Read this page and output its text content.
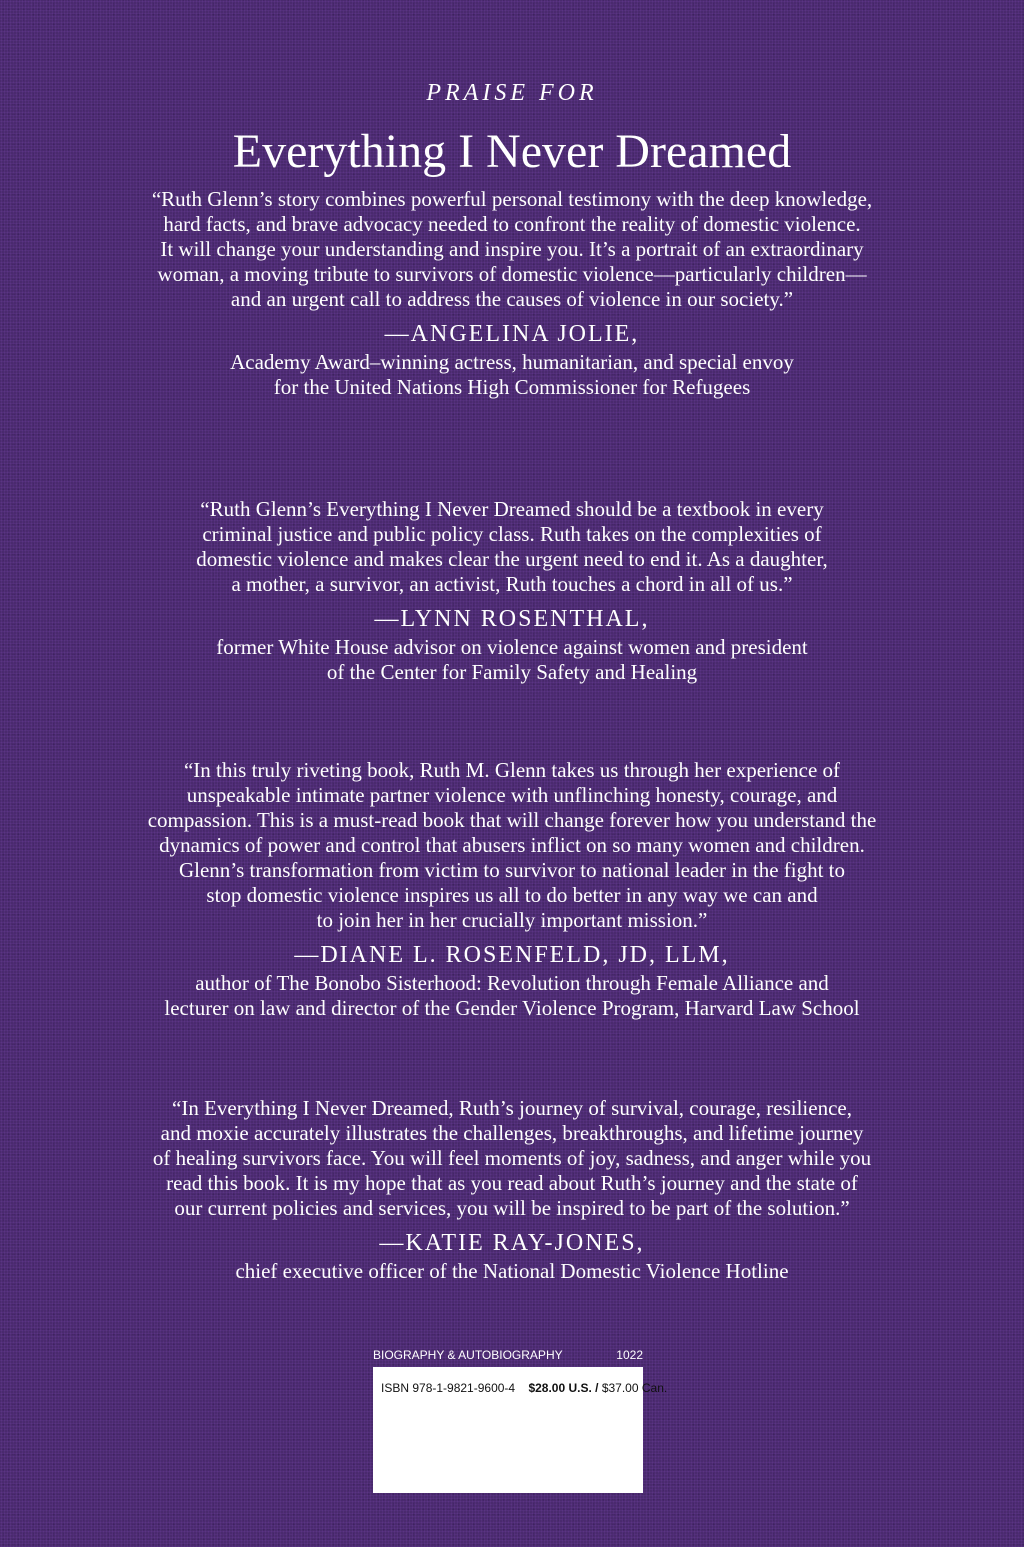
PRAISE FOR
Everything I Never Dreamed

“Ruth Glenn’s story combines powerful personal testimony with the deep knowledge,
hard facts, and brave advocacy needed to confront the reality of domestic violence.
It will change your understanding and inspire you. It’s a portrait of an extraordinary
woman, a moving tribute to survivors of domestic violence—particularly children—
and an urgent call to address the causes of violence in our society.”

—ANGELINA JOLIE,
Academy Award–winning actress, humanitarian, and special envoy
for the United Nations High Commissioner for Refugees

“Ruth Glenn’s Everything I Never Dreamed should be a textbook in every
criminal justice and public policy class. Ruth takes on the complexities of
domestic violence and makes clear the urgent need to end it. As a daughter,
a mother, a survivor, an activist, Ruth touches a chord in all of us.”

—LYNN ROSENTHAL,
former White House advisor on violence against women and president
of the Center for Family Safety and Healing

“In this truly riveting book, Ruth M. Glenn takes us through her experience of
unspeakable intimate partner violence with unflinching honesty, courage, and
compassion. This is a must-read book that will change forever how you understand the
dynamics of power and control that abusers inflict on so many women and children.
Glenn’s transformation from victim to survivor to national leader in the fight to
stop domestic violence inspires us all to do better in any way we can and
to join her in her crucially important mission.”

—DIANE L. ROSENFELD, JD, LLM,
author of The Bonobo Sisterhood: Revolution through Female Alliance and
lecturer on law and director of the Gender Violence Program, Harvard Law School

“In Everything I Never Dreamed, Ruth’s journey of survival, courage, resilience,
and moxie accurately illustrates the challenges, breakthroughs, and lifetime journey
of healing survivors face. You will feel moments of joy, sadness, and anger while you
read this book. It is my hope that as you read about Ruth’s journey and the state of
our current policies and services, you will be inspired to be part of the solution.”

—KATIE RAY-JONES,
chief executive officer of the National Domestic Violence Hotline
BIOGRAPHY & AUTOBIOGRAPHY	1022
ISBN 978-1-9821-9600-4 $28.00 U.S. / $37.00 Can.
